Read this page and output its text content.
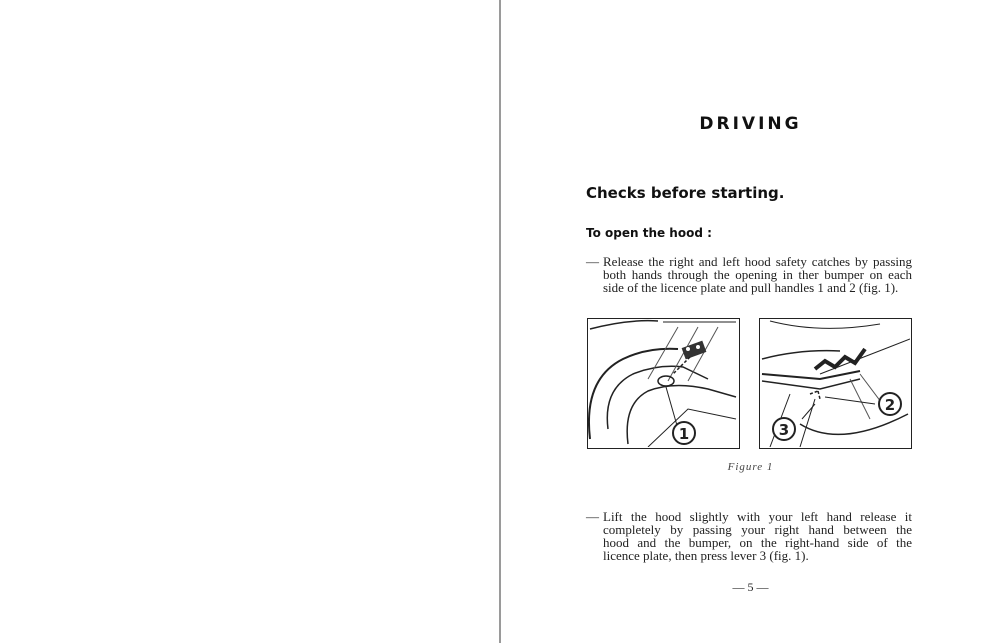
DRIVING
Checks before starting.
To open the hood :
— Release the right and left hood safety catches by passing
both hands through the opening in ther bumper on each
side of the licence plate and pull handles 1 and 2 (fig. 1).
1
2
3
Figure 1
— Lift the hood slightly with your left hand release it
completely by passing your right hand between the
hood and the bumper, on the right-hand side of the
licence plate, then press lever 3 (fig. 1).
— 5 —
